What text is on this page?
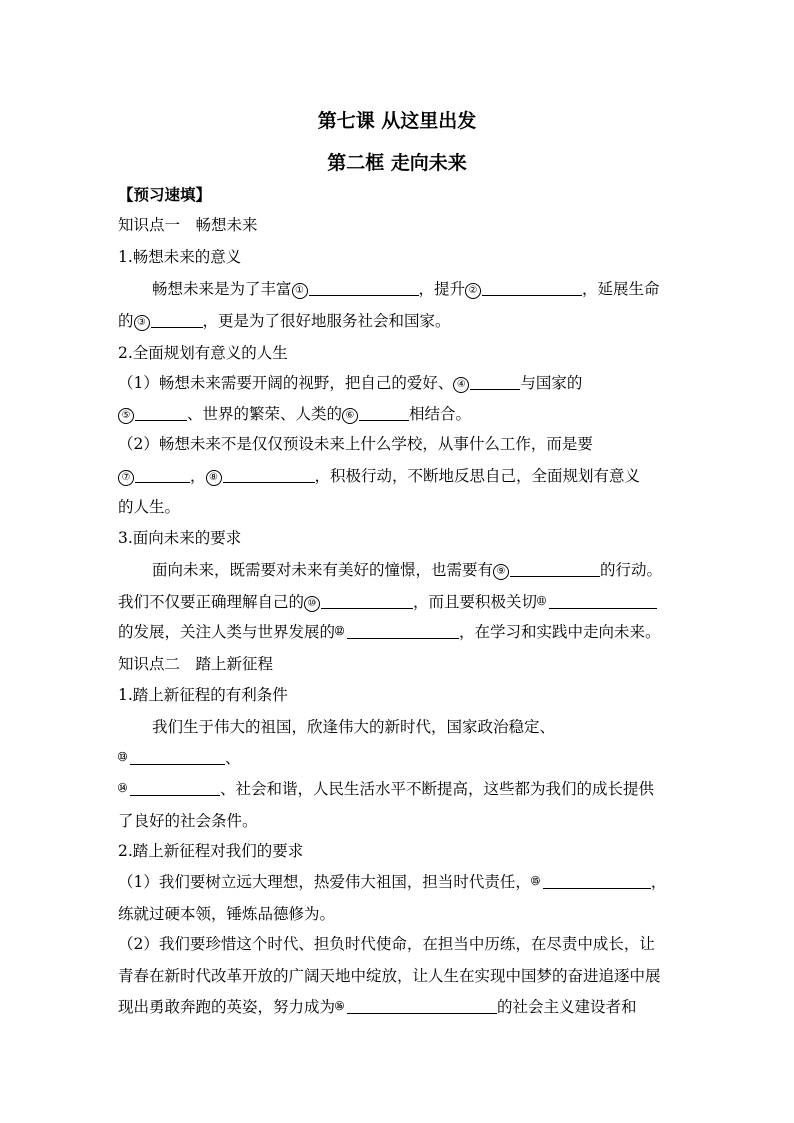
第七课 从这里出发
第二框 走向未来
【预习速填】
知识点一　畅想未来
1.畅想未来的意义
畅想未来是为了丰富 ①	，提升 ②	，延展生命
的 ③	，更是为了很好地服务社会和国家。
2.全面规划有意义的人生
（1）畅想未来需要开阔的视野，把自己的爱好、 ④	与国家的
⑤	、世界的繁荣、人类的 ⑥	相结合。
（2）畅想未来不是仅仅预设未来上什么学校，从事什么工作，而是要
⑦	， ⑧	，积极行动，不断地反思自己，全面规划有意义
的人生。
3.面向未来的要求
面向未来，既需要对未来有美好的憧憬，也需要有 ⑨	的行动。
我们不仅要正确理解自己的 ⑩	，而且要积极关切⑪
的发展，关注人类与世界发展的⑫	，在学习和实践中走向未来。
知识点二　踏上新征程
1.踏上新征程的有利条件
我们生于伟大的祖国，欣逢伟大的新时代，国家政治稳定、
⑬	、
⑭	、社会和谐，人民生活水平不断提高，这些都为我们的成长提供
了良好的社会条件。
2.踏上新征程对我们的要求
（1）我们要树立远大理想，热爱伟大祖国，担当时代责任，⑮	，
练就过硬本领，锤炼品德修为。
（2）我们要珍惜这个时代、担负时代使命，在担当中历练，在尽责中成长，让
青春在新时代改革开放的广阔天地中绽放，让人生在实现中国梦的奋进追逐中展
现出勇敢奔跑的英姿，努力成为⑯	的社会主义建设者和
